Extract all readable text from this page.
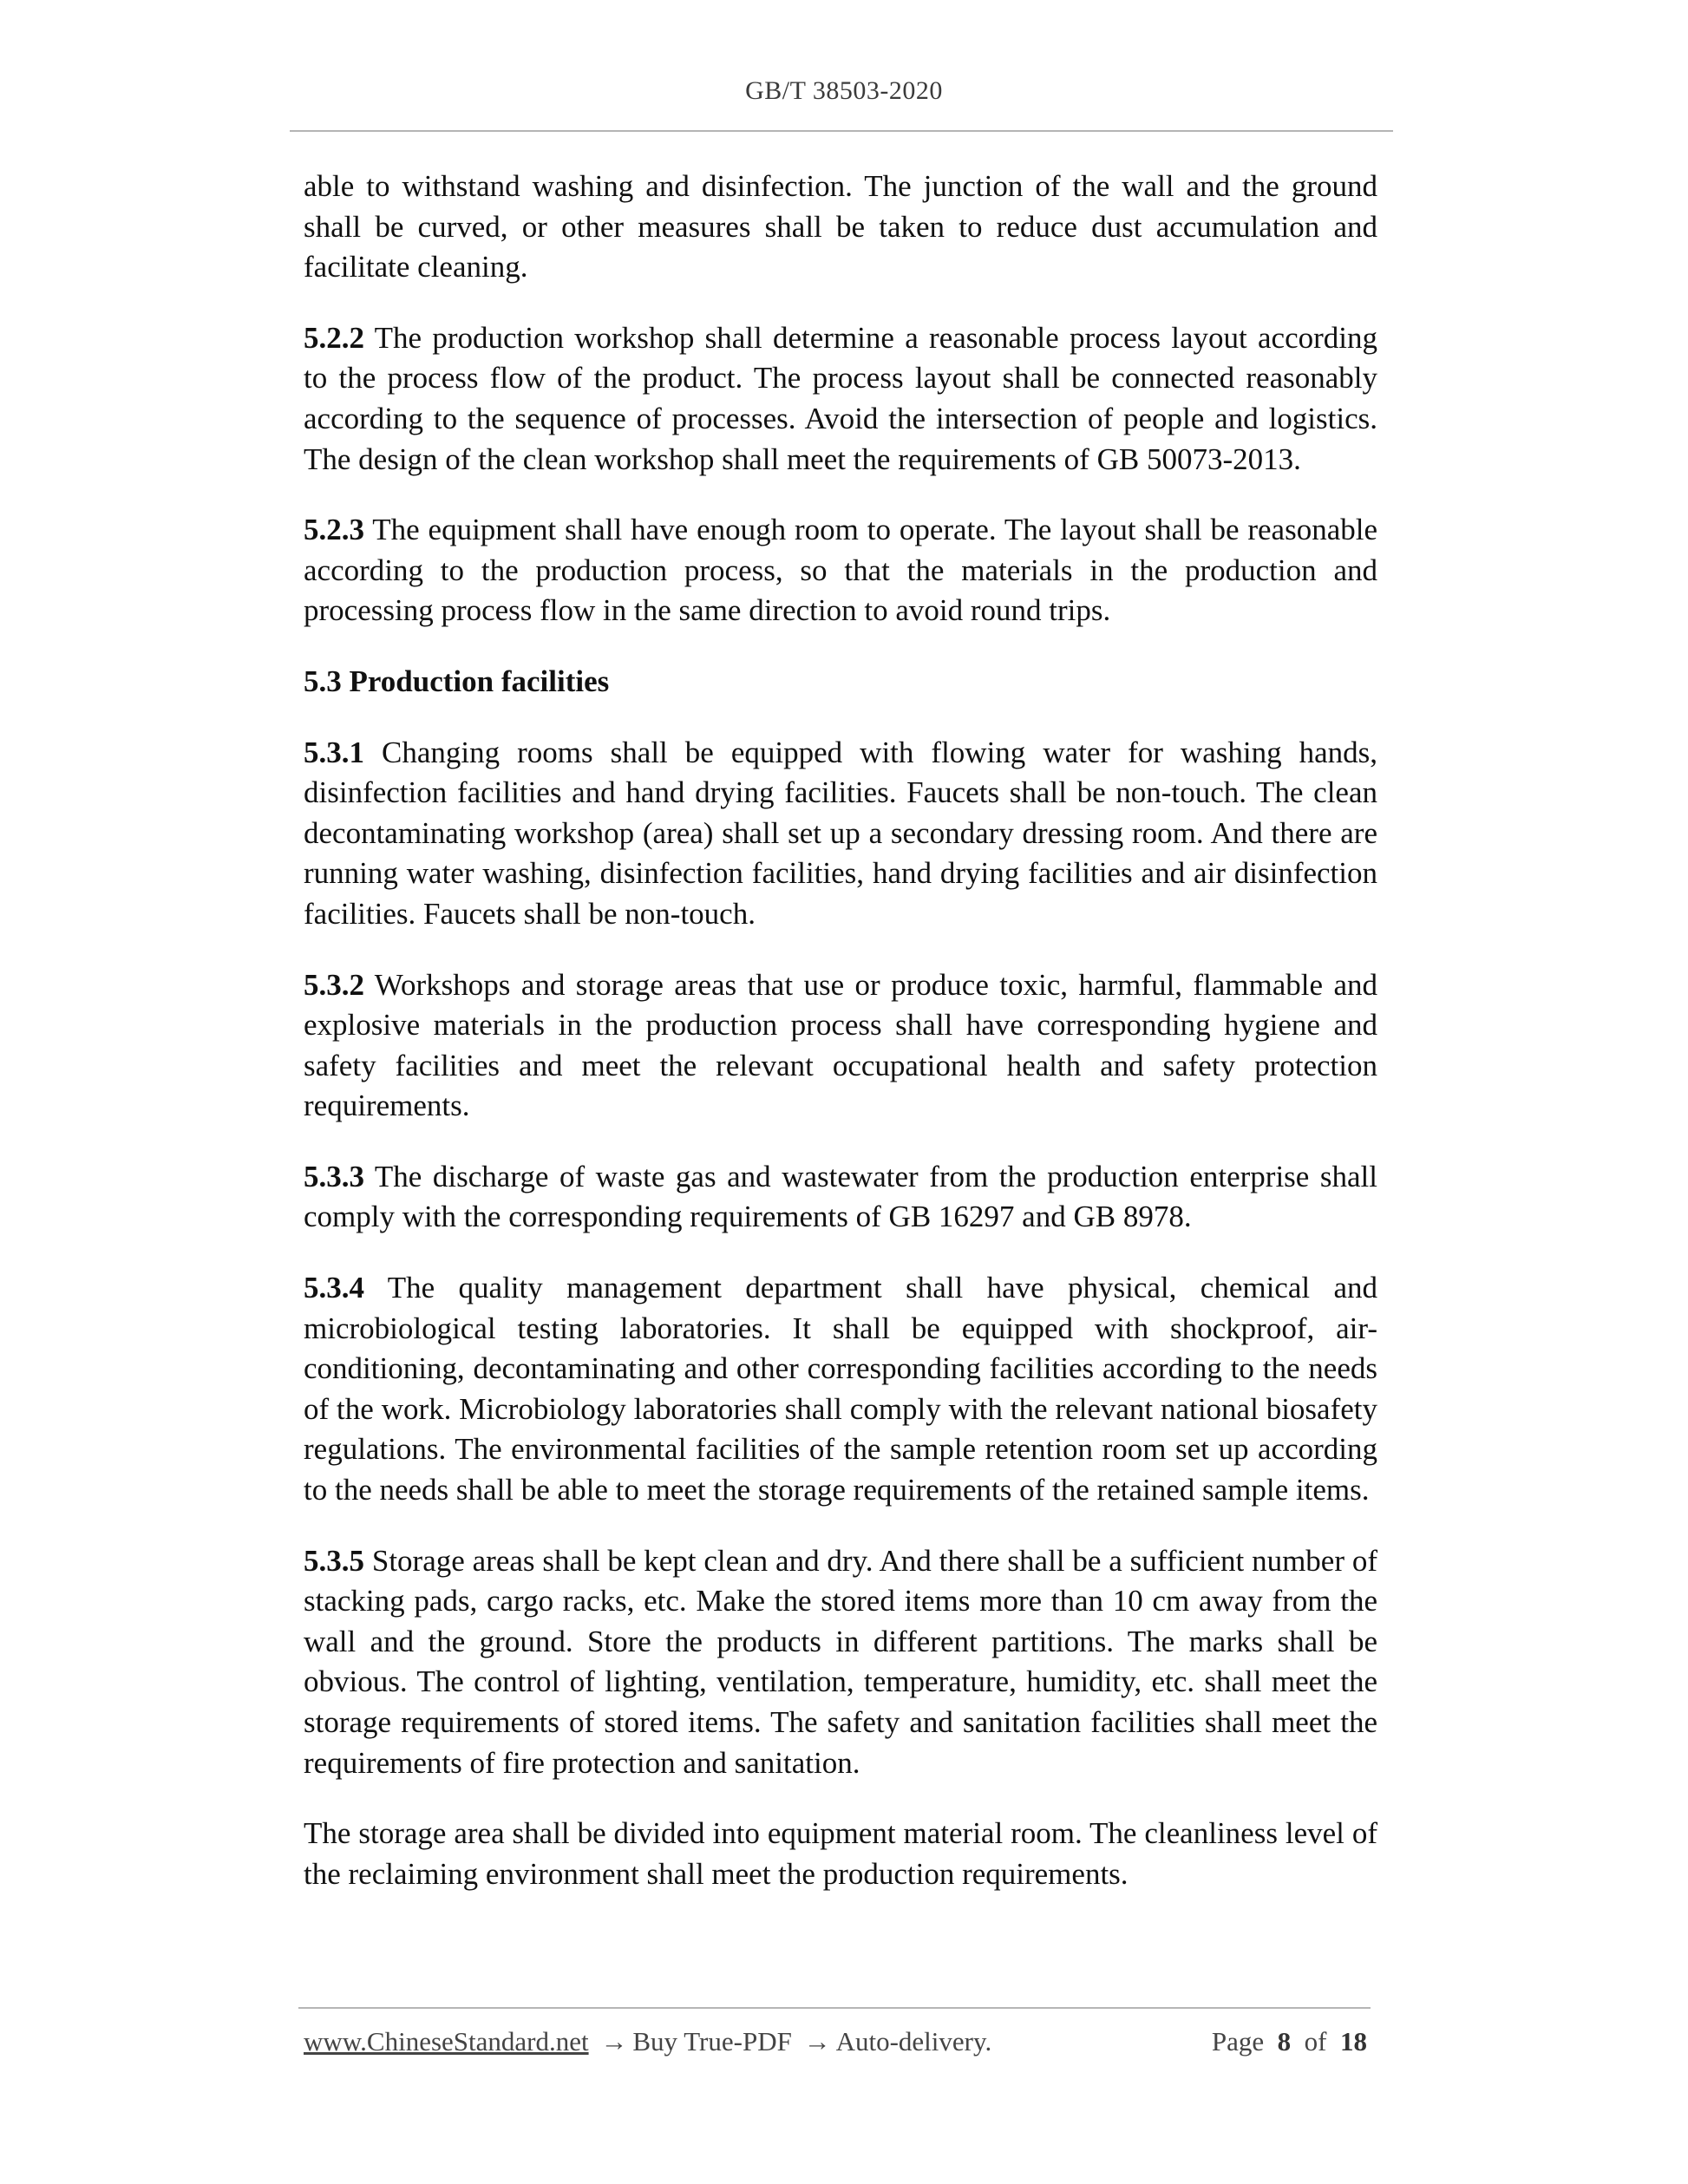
GB/T 38503-2020

able to withstand washing and disinfection. The junction of the wall and the ground shall be curved, or other measures shall be taken to reduce dust accumulation and facilitate cleaning.

5.2.2 The production workshop shall determine a reasonable process layout according to the process flow of the product. The process layout shall be connected reasonably according to the sequence of processes. Avoid the intersection of people and logistics. The design of the clean workshop shall meet the requirements of GB 50073-2013.

5.2.3 The equipment shall have enough room to operate. The layout shall be reasonable according to the production process, so that the materials in the production and processing process flow in the same direction to avoid round trips.

5.3 Production facilities

5.3.1 Changing rooms shall be equipped with flowing water for washing hands, disinfection facilities and hand drying facilities. Faucets shall be non-touch. The clean decontaminating workshop (area) shall set up a secondary dressing room. And there are running water washing, disinfection facilities, hand drying facilities and air disinfection facilities. Faucets shall be non-touch.

5.3.2 Workshops and storage areas that use or produce toxic, harmful, flammable and explosive materials in the production process shall have corresponding hygiene and safety facilities and meet the relevant occupational health and safety protection requirements.

5.3.3 The discharge of waste gas and wastewater from the production enterprise shall comply with the corresponding requirements of GB 16297 and GB 8978.

5.3.4 The quality management department shall have physical, chemical and microbiological testing laboratories. It shall be equipped with shockproof, air-conditioning, decontaminating and other corresponding facilities according to the needs of the work. Microbiology laboratories shall comply with the relevant national biosafety regulations. The environmental facilities of the sample retention room set up according to the needs shall be able to meet the storage requirements of the retained sample items.

5.3.5 Storage areas shall be kept clean and dry. And there shall be a sufficient number of stacking pads, cargo racks, etc. Make the stored items more than 10 cm away from the wall and the ground. Store the products in different partitions. The marks shall be obvious. The control of lighting, ventilation, temperature, humidity, etc. shall meet the storage requirements of stored items. The safety and sanitation facilities shall meet the requirements of fire protection and sanitation.

The storage area shall be divided into equipment material room. The cleanliness level of the reclaiming environment shall meet the production requirements.

www.ChineseStandard.net → Buy True-PDF → Auto-delivery.	Page 8 of 18
